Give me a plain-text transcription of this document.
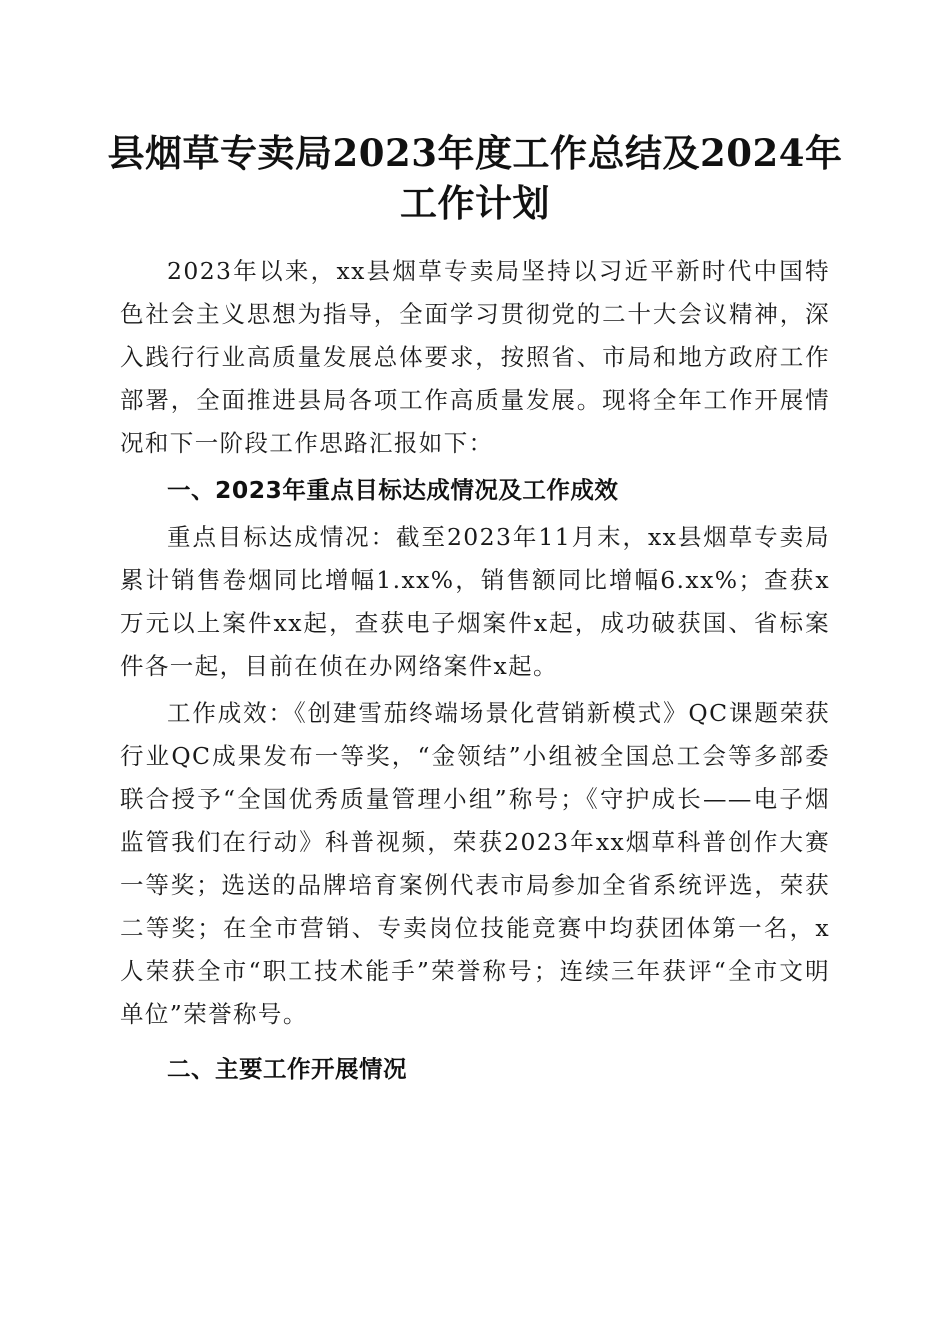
县烟草专卖局2023年度工作总结及2024年工作计划

2023年以来，xx县烟草专卖局坚持以习近平新时代中国特色社会主义思想为指导，全面学习贯彻党的二十大会议精神，深入践行行业高质量发展总体要求，按照省、市局和地方政府工作部署，全面推进县局各项工作高质量发展。现将全年工作开展情况和下一阶段工作思路汇报如下：

一、2023年重点目标达成情况及工作成效

重点目标达成情况：截至2023年11月末，xx县烟草专卖局累计销售卷烟同比增幅1.xx%，销售额同比增幅6.xx%；查获x万元以上案件xx起，查获电子烟案件x起，成功破获国、省标案件各一起，目前在侦在办网络案件x起。

工作成效：《创建雪茄终端场景化营销新模式》QC课题荣获行业QC成果发布一等奖，“金领结”小组被全国总工会等多部委联合授予“全国优秀质量管理小组”称号；《守护成长——电子烟监管我们在行动》科普视频，荣获2023年xx烟草科普创作大赛一等奖；选送的品牌培育案例代表市局参加全省系统评选，荣获二等奖；在全市营销、专卖岗位技能竞赛中均获团体第一名，x人荣获全市“职工技术能手”荣誉称号；连续三年获评“全市文明单位”荣誉称号。

二、主要工作开展情况
